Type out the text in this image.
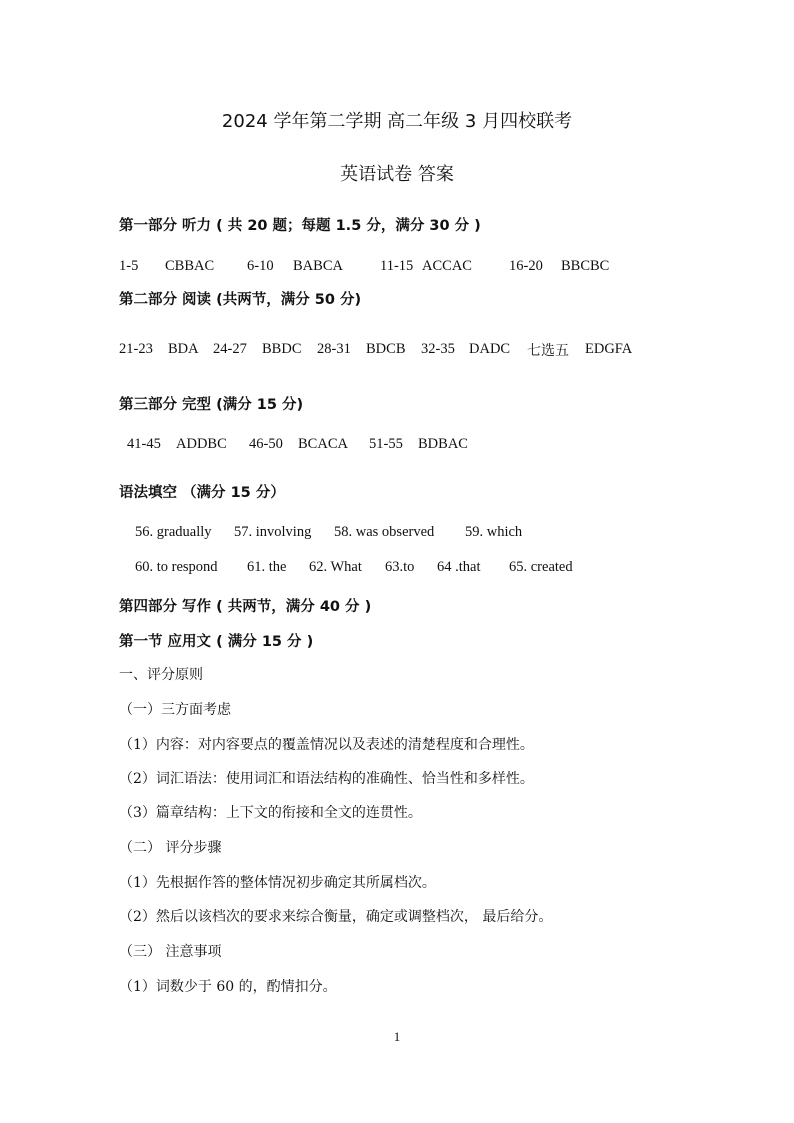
2024 学年第二学期 高二年级 3 月四校联考
英语试卷 答案
第一部分 听力 ( 共 20 题；每题 1.5 分，满分 30 分 )
1-5 CBBAC 6-10 BABCA	11-15 ACCAC	16-20 BBCBC
第二部分 阅读 (共两节，满分 50 分)
21-23 BDA 24-27 BBDC 28-31 BDCB 32-35 DADC 七选五 EDGFA
第三部分 完型 (满分 15 分)
41-45 ADDBC 46-50 BCACA 51-55 BDBAC
语法填空 （满分 15 分）
56. gradually 57. involving 58. was observed 59. which
60. to respond 61. the 62. What 63.to 64 .that 65. created
第四部分 写作 ( 共两节，满分 40 分 )
第一节 应用文 ( 满分 15 分 )
一、评分原则
（一）三方面考虑
（1）内容：对内容要点的覆盖情况以及表述的清楚程度和合理性。
（2）词汇语法：使用词汇和语法结构的准确性、恰当性和多样性。
（3）篇章结构：上下文的衔接和全文的连贯性。
（二） 评分步骤
（1）先根据作答的整体情况初步确定其所属档次。
（2）然后以该档次的要求来综合衡量，确定或调整档次， 最后给分。
（三） 注意事项
（1）词数少于 60 的，酌情扣分。
1
